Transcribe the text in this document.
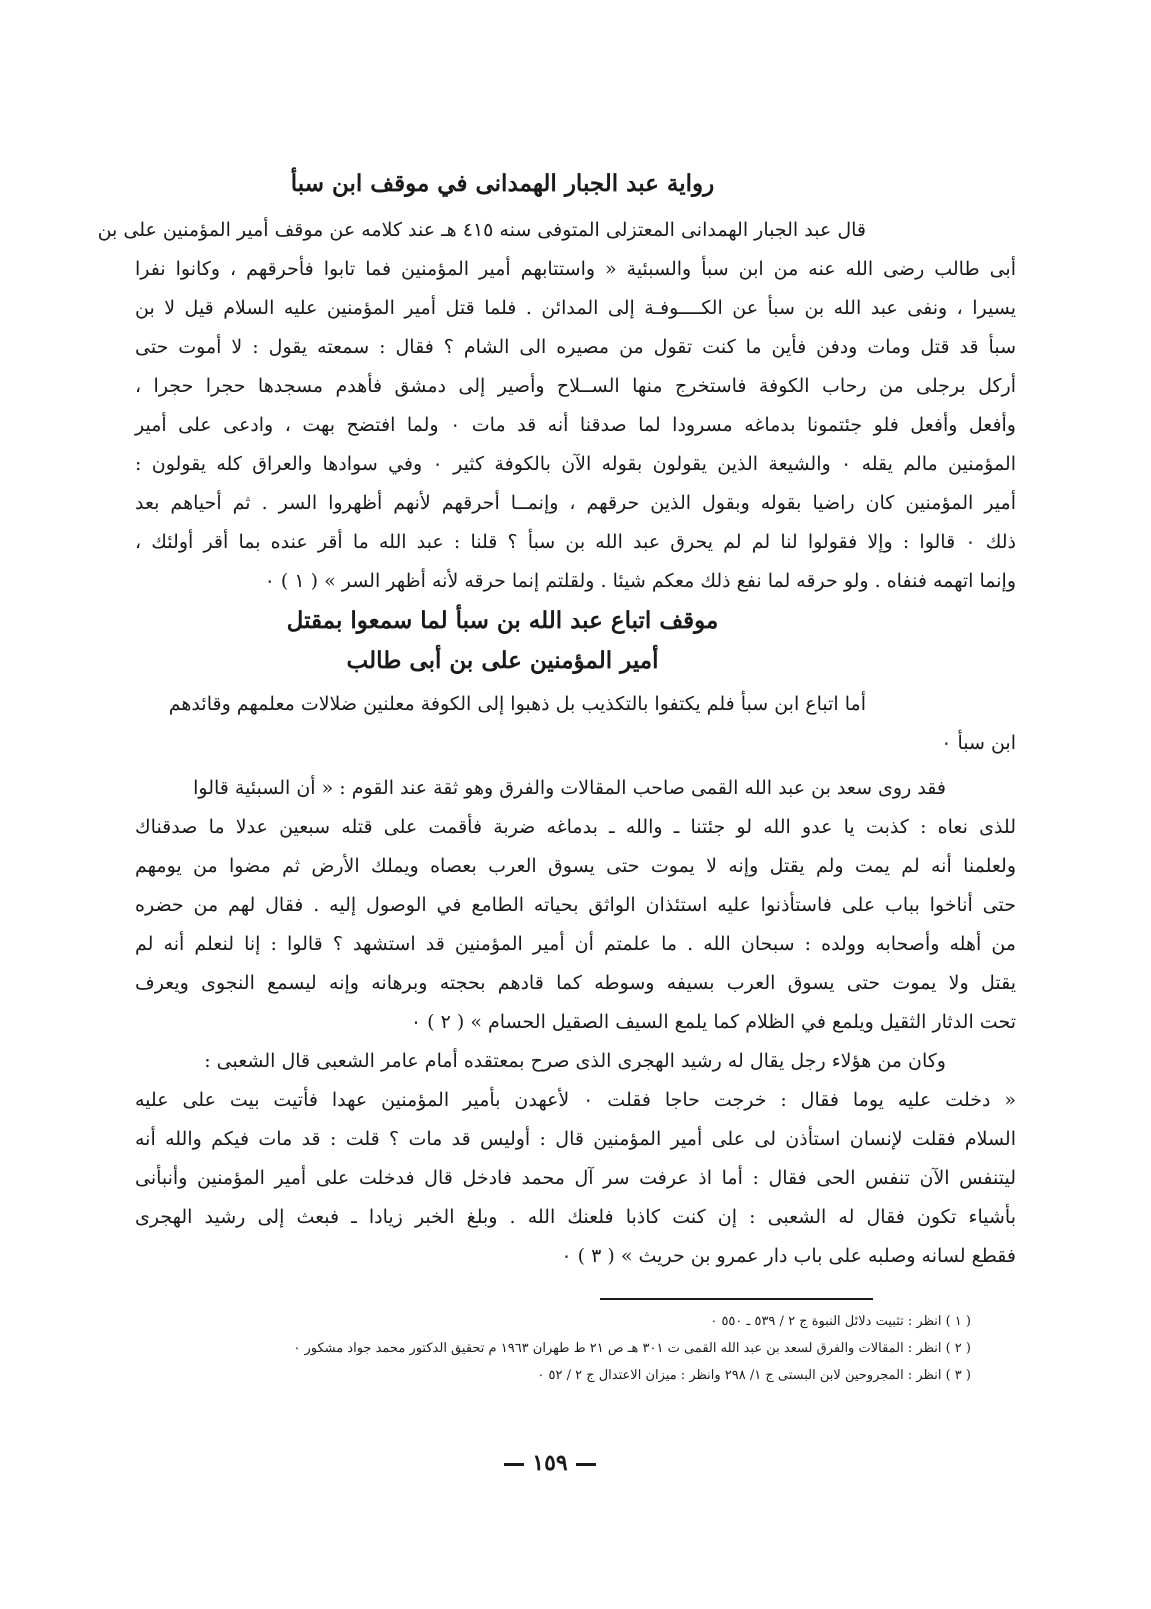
رواية عبد الجبار الهمدانى في موقف ابن سبأ
قال عبد الجبار الهمدانى المعتزلى المتوفى سنه ٤١٥ هـ عند كلامه عن موقف أمير المؤمنين على بن
أبى طالب رضى الله عنه من ابن سبأ والسبئية « واستتابهم أمير المؤمنين فما تابوا فأحرقهم ، وكانوا نفرا
يسيرا ، ونفى عبد الله بن سبأ عن الكــــوفـة إلى المدائن . فلما قتل أمير المؤمنين عليه السلام قيل لا بن
سبأ قد قتل ومات ودفن فأين ما كنت تقول من مصيره الى الشام ؟ فقال : سمعته يقول : لا أموت حتى
أركل برجلى من رحاب الكوفة فاستخرج منها الســلاح وأصير إلى دمشق فأهدم مسجدها حجرا حجرا ،
وأفعل وأفعل فلو جئتمونا بدماغه مسرودا لما صدقنا أنه قد مات ٠ ولما افتضح بهت ، وادعى على أمير
المؤمنين مالم يقله ٠ والشيعة الذين يقولون بقوله الآن بالكوفة كثير ٠ وفي سوادها والعراق كله يقولون :
أمير المؤمنين كان راضيا بقوله وبقول الذين حرقهم ، وإنمــا أحرقهم لأنهم أظهروا السر . ثم أحياهم بعد
ذلك ٠ قالوا : وإلا فقولوا لنا لم لم يحرق عبد الله بن سبأ ؟ قلنا : عبد الله ما أقر عنده بما أقر أولئك ،
وإنما اتهمه فنفاه . ولو حرقه لما نفع ذلك معكم شيئا . ولقلتم إنما حرقه لأنه أظهر السر » ( ١ ) ٠
موقف اتباع عبد الله بن سبأ لما سمعوا بمقتل
أمير المؤمنين على بن أبى طالب
أما اتباع ابن سبأ فلم يكتفوا بالتكذيب بل ذهبوا إلى الكوفة معلنين ضلالات معلمهم وقائدهم
ابن سبأ ٠
فقد روى سعد بن عبد الله القمى صاحب المقالات والفرق وهو ثقة عند القوم : « أن السبئية قالوا
للذى نعاه : كذبت يا عدو الله لو جئتنا ـ والله ـ بدماغه ضربة فأقمت على قتله سبعين عدلا ما صدقناك
ولعلمنا أنه لم يمت ولم يقتل وإنه لا يموت حتى يسوق العرب بعصاه ويملك الأرض ثم مضوا من يومهم
حتى أناخوا بباب على فاستأذنوا عليه استئذان الواثق بحياته الطامع في الوصول إليه . فقال لهم من حضره
من أهله وأصحابه وولده : سبحان الله . ما علمتم أن أمير المؤمنين قد استشهد ؟ قالوا : إنا لنعلم أنه لم
يقتل ولا يموت حتى يسوق العرب بسيفه وسوطه كما قادهم بحجته وبرهانه وإنه ليسمع النجوى ويعرف
تحت الدثار الثقيل ويلمع في الظلام كما يلمع السيف الصقيل الحسام » ( ٢ ) ٠
وكان من هؤلاء رجل يقال له رشيد الهجرى الذى صرح بمعتقده أمام عامر الشعبى قال الشعبى :
« دخلت عليه يوما فقال : خرجت حاجا فقلت ٠ لأعهدن بأمير المؤمنين عهدا فأتيت بيت على عليه
السلام فقلت لإنسان استأذن لى على أمير المؤمنين قال : أوليس قد مات ؟ قلت : قد مات فيكم والله أنه
ليتنفس الآن تنفس الحى فقال : أما اذ عرفت سر آل محمد فادخل قال فدخلت على أمير المؤمنين وأنبأنى
بأشياء تكون فقال له الشعبى : إن كنت كاذبا فلعنك الله . وبلغ الخبر زيادا ـ فبعث إلى رشيد الهجرى
فقطع لسانه وصلبه على باب دار عمرو بن حريث » ( ٣ ) ٠
( ١ ) انظر : تثبيت دلائل النبوة ج ٢ / ٥٣٩ ـ ٥٥٠ ٠
( ٢ ) انظر : المقالات والفرق لسعد بن عبد الله القمى ت ٣٠١ هـ ص ٢١ ط طهران ١٩٦٣ م تحقيق الدكتور محمد جواد مشكور ٠
( ٣ ) انظر : المجروحين لابن البستى ج ١/ ٢٩٨ وانظر : ميزان الاعتدال ج ٢ / ٥٢ ٠
١٥٩
